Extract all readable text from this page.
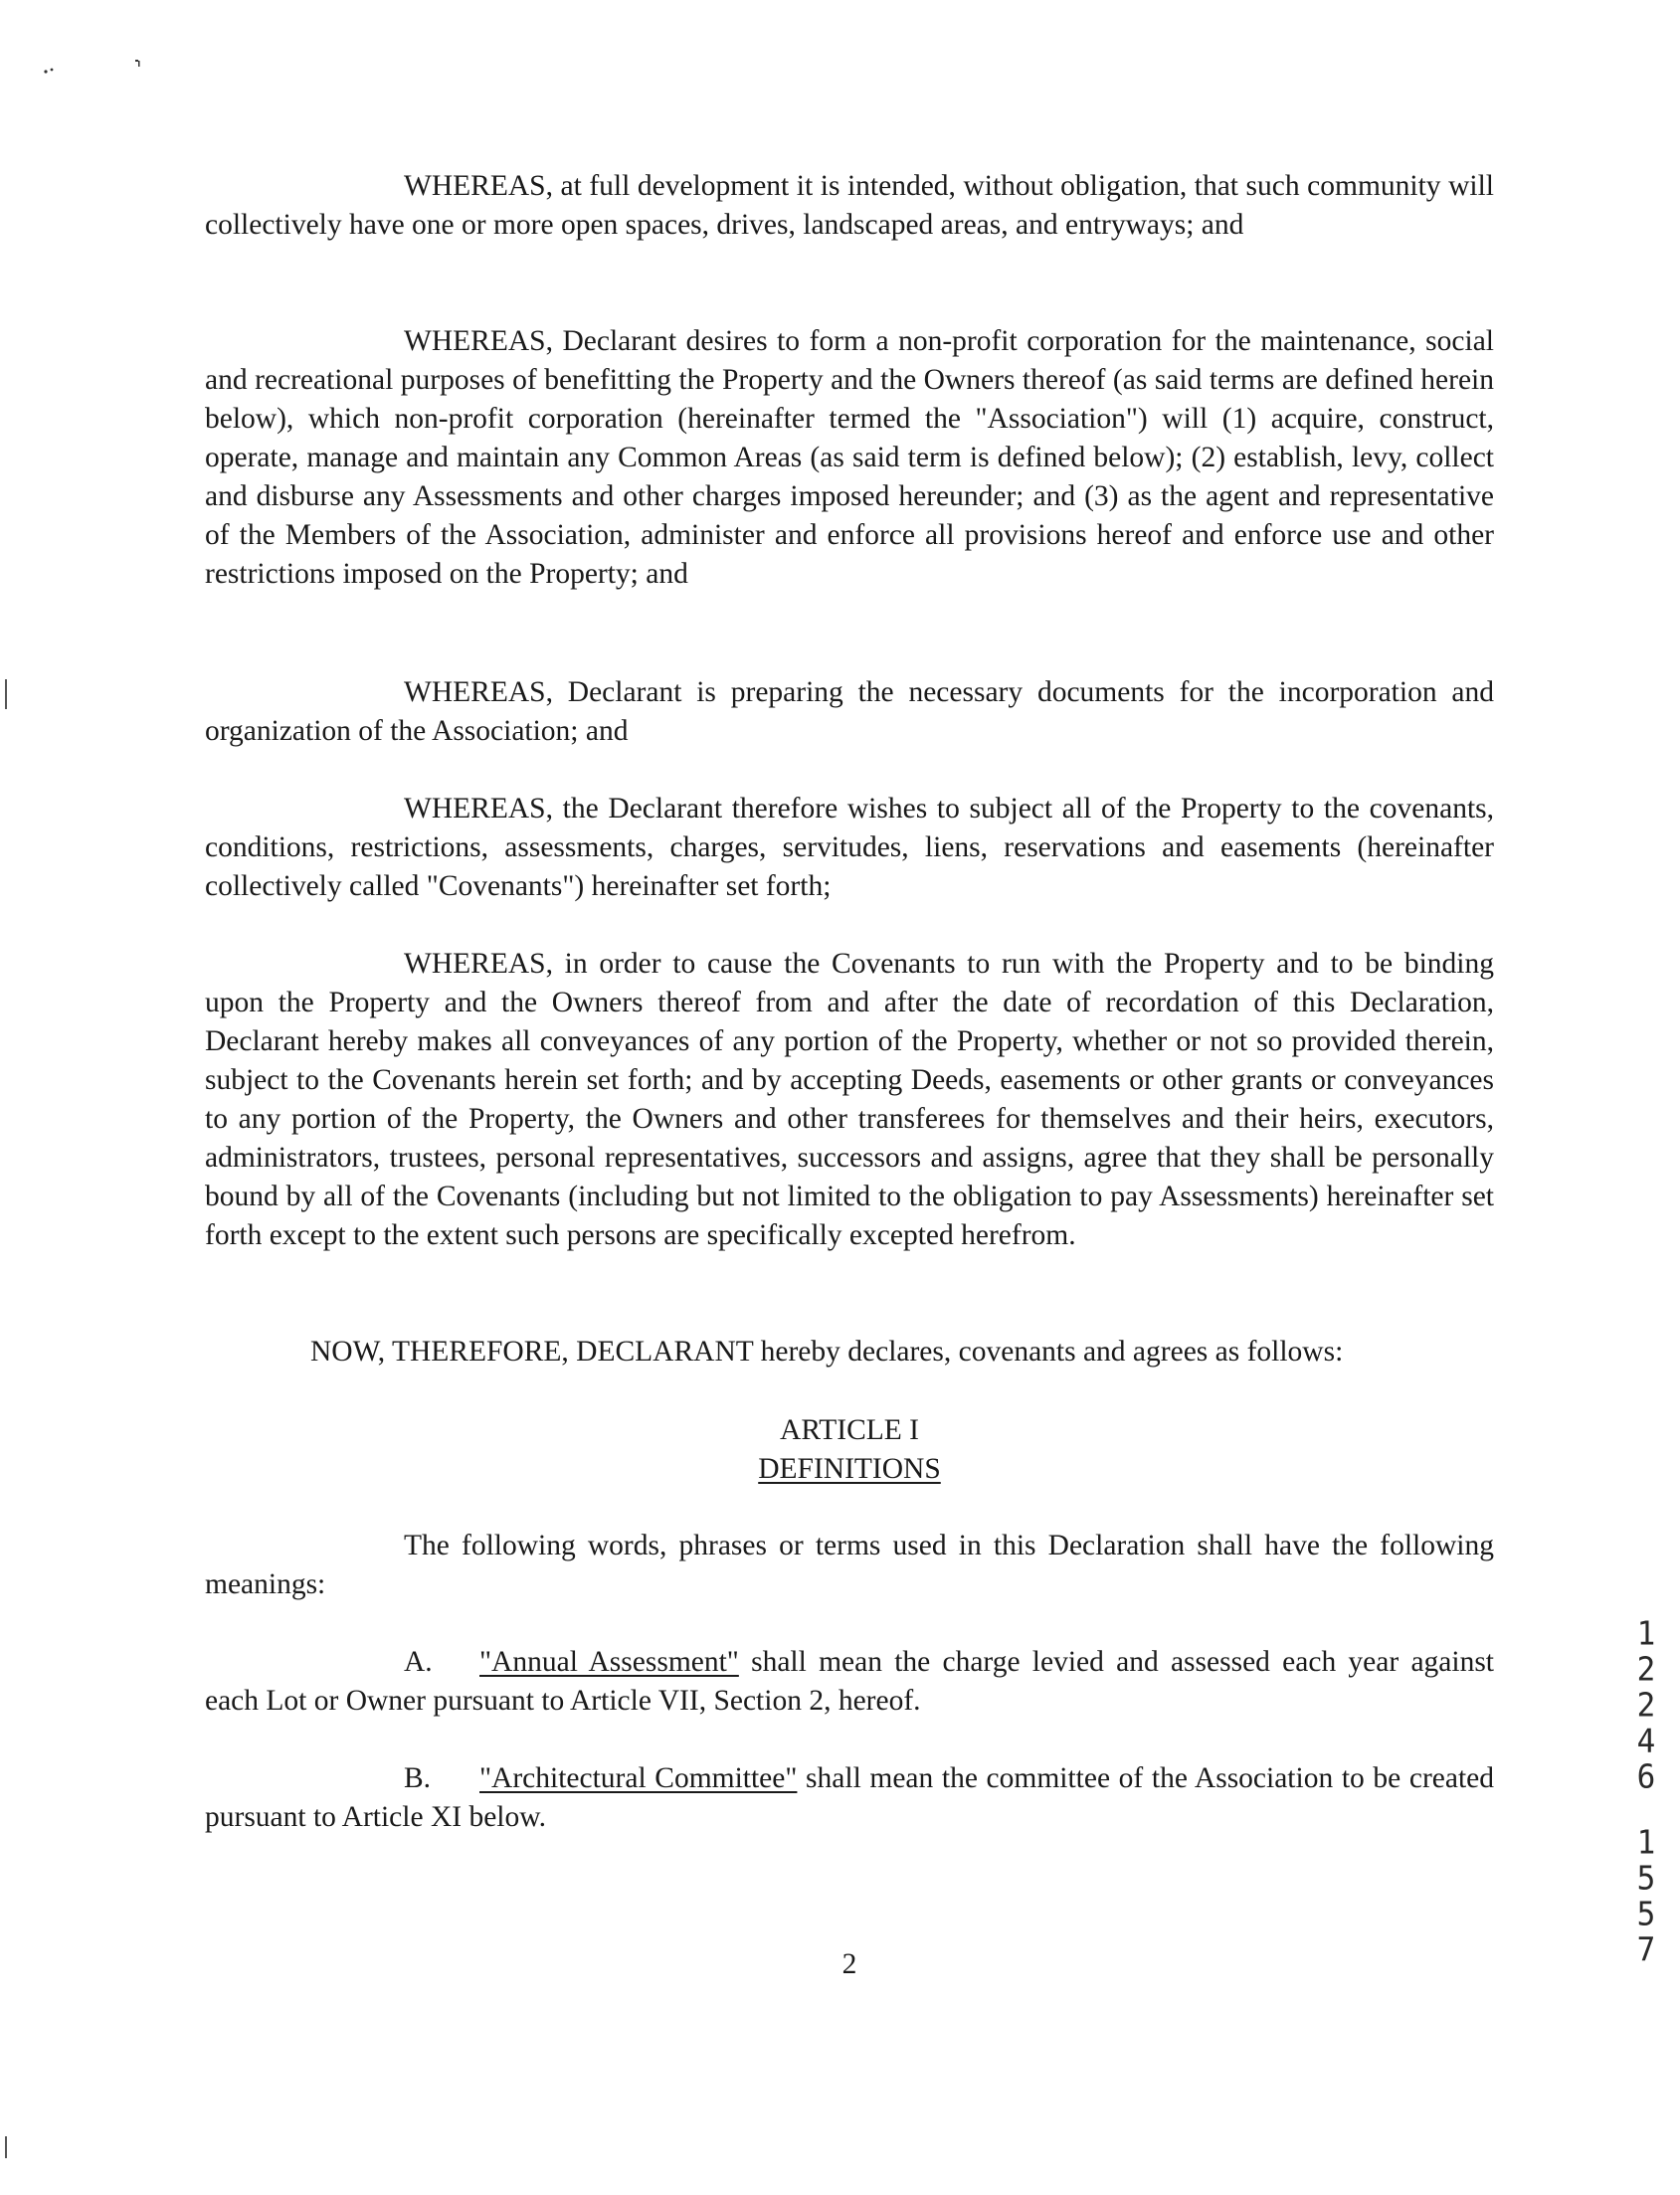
WHEREAS, at full development it is intended, without obligation, that such community will collectively have one or more open spaces, drives, landscaped areas, and entryways; and

WHEREAS, Declarant desires to form a non-profit corporation for the maintenance, social and recreational purposes of benefitting the Property and the Owners thereof (as said terms are defined herein below), which non-profit corporation (hereinafter termed the "Association") will (1) acquire, construct, operate, manage and maintain any Common Areas (as said term is defined below); (2) establish, levy, collect and disburse any Assessments and other charges imposed hereunder; and (3) as the agent and representative of the Members of the Association, administer and enforce all provisions hereof and enforce use and other restrictions imposed on the Property; and

WHEREAS, Declarant is preparing the necessary documents for the incorporation and organization of the Association; and

WHEREAS, the Declarant therefore wishes to subject all of the Property to the covenants, conditions, restrictions, assessments, charges, servitudes, liens, reservations and easements (hereinafter collectively called "Covenants") hereinafter set forth;

WHEREAS, in order to cause the Covenants to run with the Property and to be binding upon the Property and the Owners thereof from and after the date of recordation of this Declaration, Declarant hereby makes all conveyances of any portion of the Property, whether or not so provided therein, subject to the Covenants herein set forth; and by accepting Deeds, easements or other grants or conveyances to any portion of the Property, the Owners and other transferees for themselves and their heirs, executors, administrators, trustees, personal representatives, successors and assigns, agree that they shall be personally bound by all of the Covenants (including but not limited to the obligation to pay Assessments) hereinafter set forth except to the extent such persons are specifically excepted herefrom.

NOW, THEREFORE, DECLARANT hereby declares, covenants and agrees as follows:

ARTICLE I

DEFINITIONS

The following words, phrases or terms used in this Declaration shall have the following meanings:

A. "Annual Assessment" shall mean the charge levied and assessed each year against each Lot or Owner pursuant to Article VII, Section 2, hereof.

B. "Architectural Committee" shall mean the committee of the Association to be created pursuant to Article XI below.

2
1
2
2
4
6
1
5
5
7
